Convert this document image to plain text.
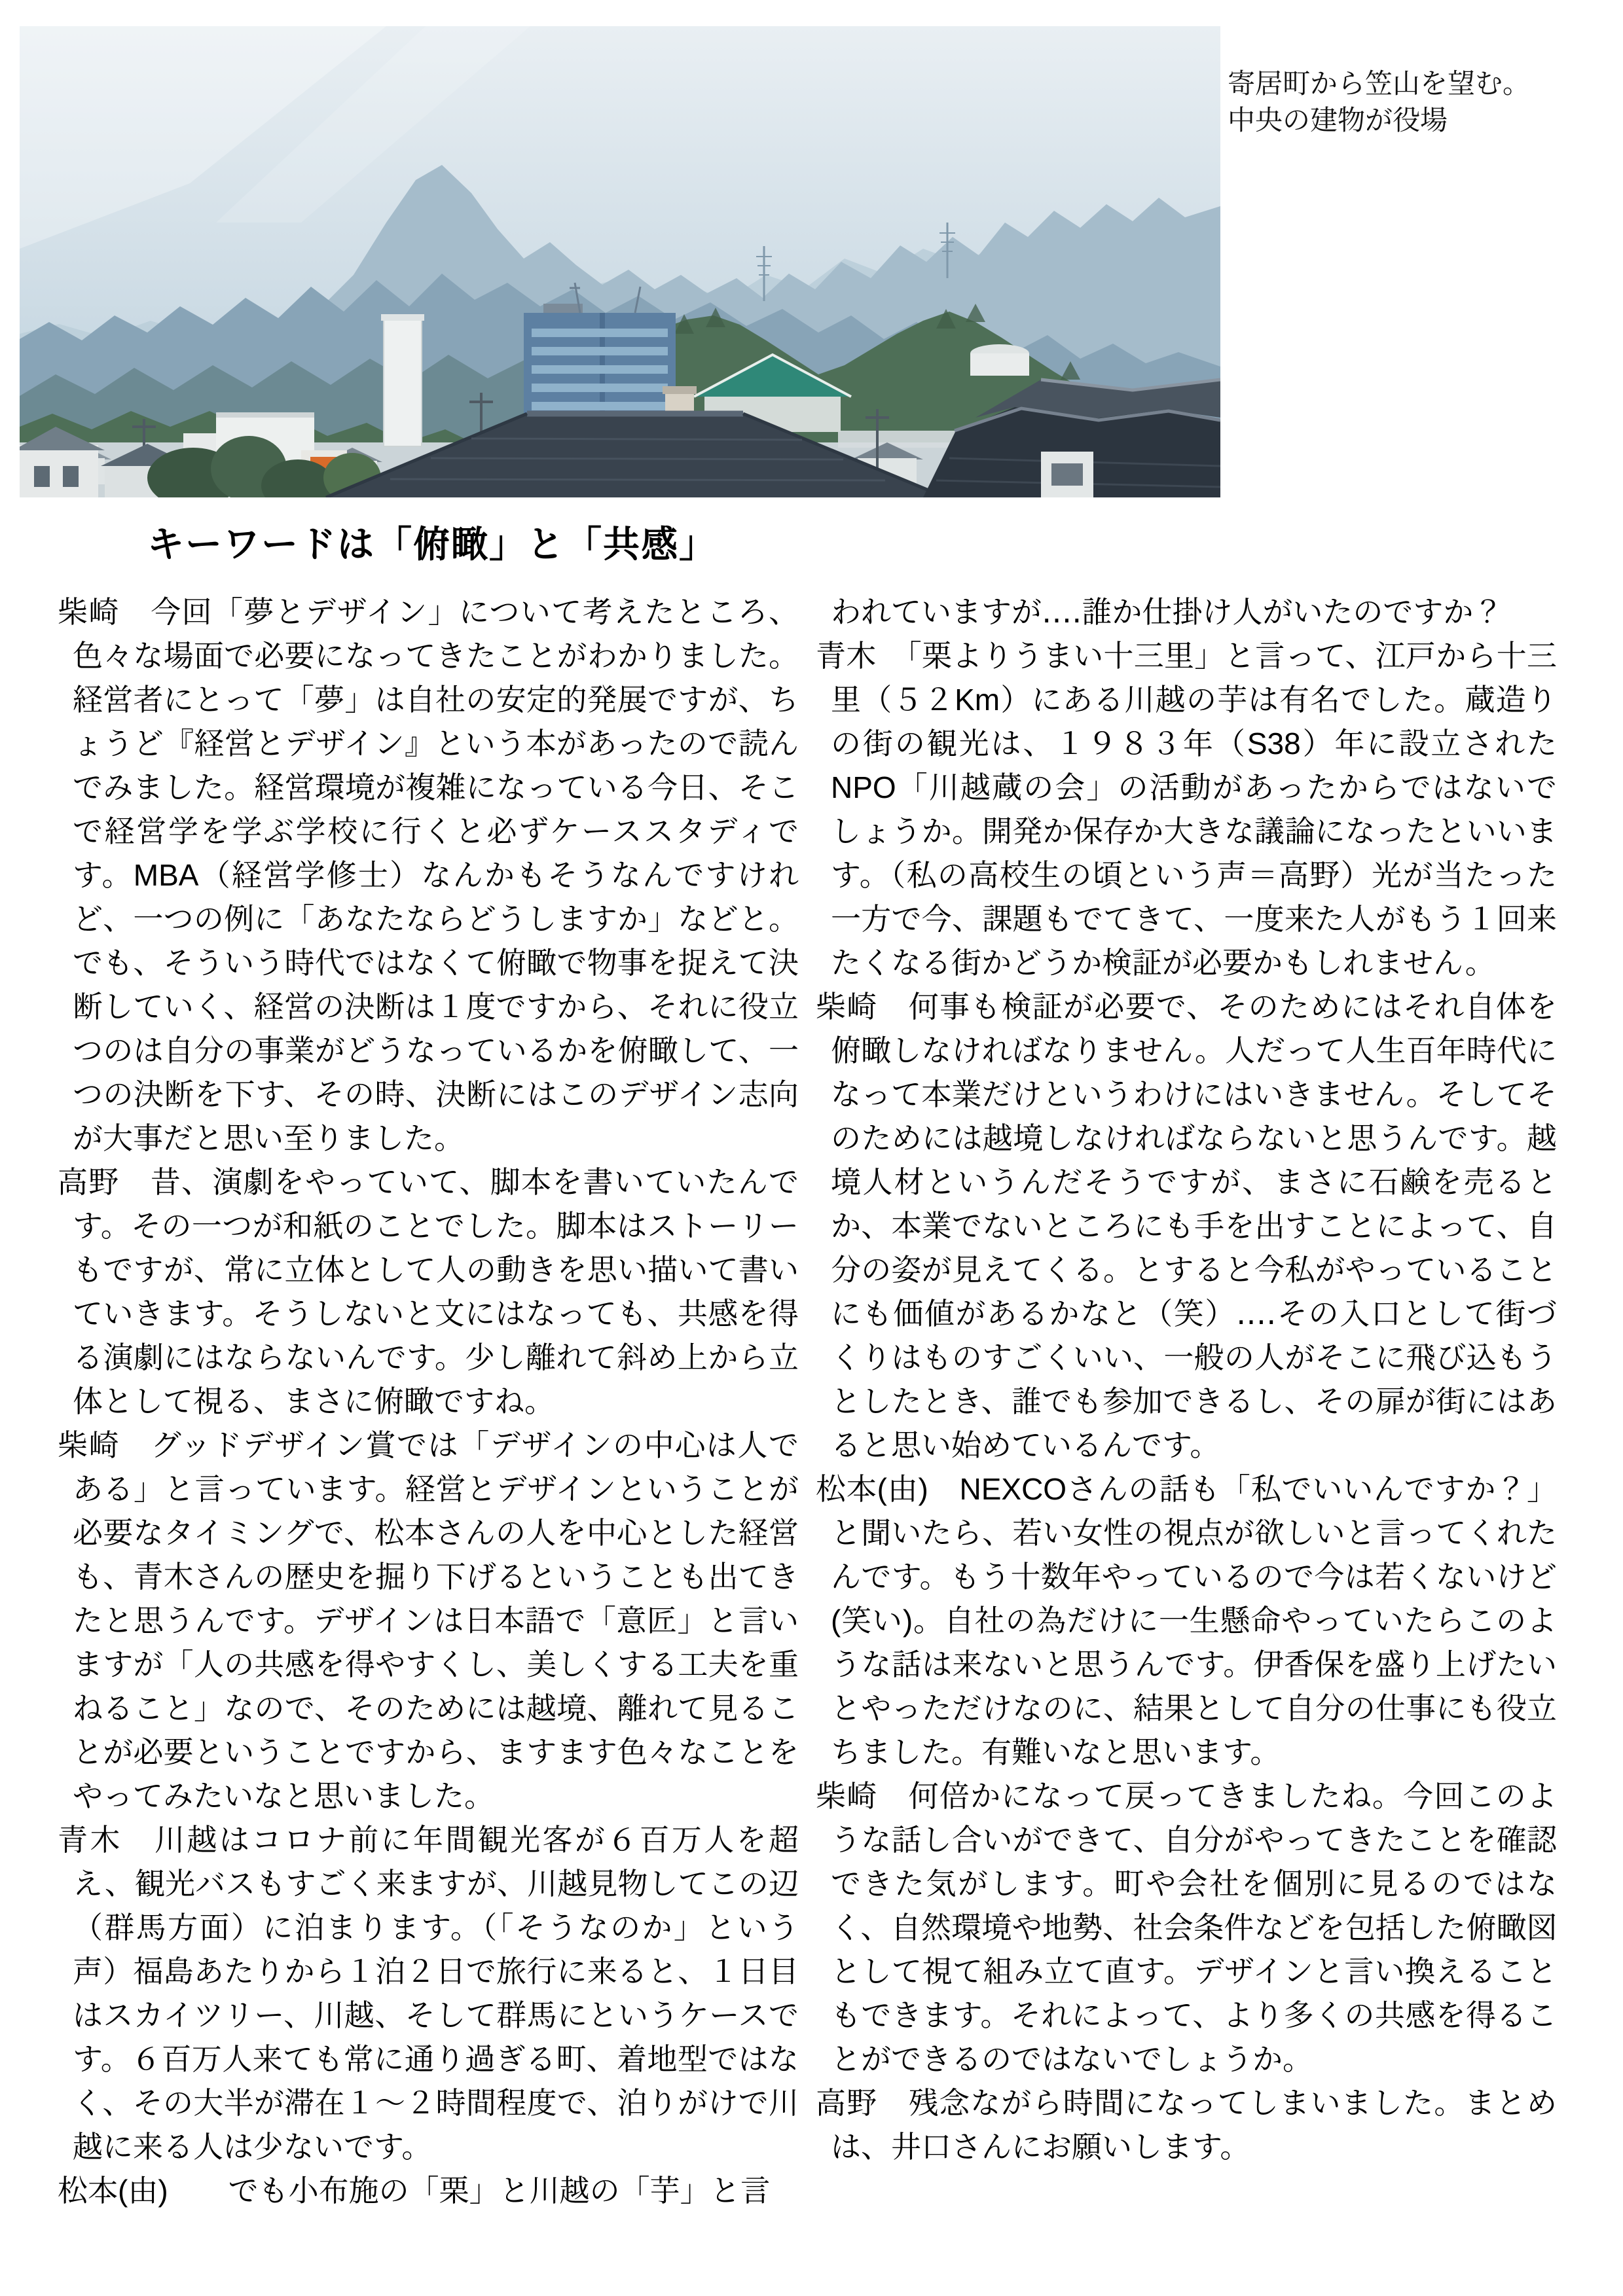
寄居町から笠山を望む。
中央の建物が役場
キーワードは「俯瞰」と「共感」

柴崎　今回「夢とデザイン」について考えたところ、色々な場面で必要になってきたことがわかりました。経営者にとって「夢」は自社の安定的発展ですが、ちょうど『経営とデザイン』という本があったので読んでみました。経営環境が複雑になっている今日、そこで経営学を学ぶ学校に行くと必ずケーススタディです。MBA（経営学修士）なんかもそうなんですけれど、一つの例に「あなたならどうしますか」などと。でも、そういう時代ではなくて俯瞰で物事を捉えて決断していく、経営の決断は１度ですから、それに役立つのは自分の事業がどうなっているかを俯瞰して、一つの決断を下す、その時、決断にはこのデザイン志向が大事だと思い至りました。

高野　昔、演劇をやっていて、脚本を書いていたんです。その一つが和紙のことでした。脚本はストーリーもですが、常に立体として人の動きを思い描いて書いていきます。そうしないと文にはなっても、共感を得る演劇にはならないんです。少し離れて斜め上から立体として視る、まさに俯瞰ですね。

柴崎　グッドデザイン賞では「デザインの中心は人である」と言っています。経営とデザインということが必要なタイミングで、松本さんの人を中心とした経営も、青木さんの歴史を掘り下げるということも出てきたと思うんです。デザインは日本語で「意匠」と言いますが「人の共感を得やすくし、美しくする工夫を重ねること」なので、そのためには越境、離れて見ることが必要ということですから、ますます色々なことをやってみたいなと思いました。

青木　川越はコロナ前に年間観光客が６百万人を超え、観光バスもすごく来ますが、川越見物してこの辺（群馬方面）に泊まります。（「そうなのか」という声）福島あたりから１泊２日で旅行に来ると、１日目はスカイツリー、川越、そして群馬にというケースです。６百万人来ても常に通り過ぎる町、着地型ではなく、その大半が滞在１～２時間程度で、泊りがけで川越に来る人は少ないです。

松本(由)　　でも小布施の「栗」と川越の「芋」と言

われていますが‥‥誰か仕掛け人がいたのですか？

青木　「栗よりうまい十三里」と言って、江戸から十三里（５２Km）にある川越の芋は有名でした。蔵造りの街の観光は、１９８３年（S38）年に設立されたNPO「川越蔵の会」の活動があったからではないでしょうか。開発か保存か大きな議論になったといいます。（私の高校生の頃という声＝高野）光が当たった一方で今、課題もでてきて、一度来た人がもう１回来たくなる街かどうか検証が必要かもしれません。

柴崎　何事も検証が必要で、そのためにはそれ自体を俯瞰しなければなりません。人だって人生百年時代になって本業だけというわけにはいきません。そしてそのためには越境しなければならないと思うんです。越境人材というんだそうですが、まさに石鹸を売るとか、本業でないところにも手を出すことによって、自分の姿が見えてくる。とすると今私がやっていることにも価値があるかなと（笑）‥‥その入口として街づくりはものすごくいい、一般の人がそこに飛び込もうとしたとき、誰でも参加できるし、その扉が街にはあると思い始めているんです。

松本(由)　NEXCOさんの話も「私でいいんですか？」と聞いたら、若い女性の視点が欲しいと言ってくれたんです。もう十数年やっているので今は若くないけど(笑い)。自社の為だけに一生懸命やっていたらこのような話は来ないと思うんです。伊香保を盛り上げたいとやっただけなのに、結果として自分の仕事にも役立ちました。有難いなと思います。

柴崎　何倍かになって戻ってきましたね。今回このような話し合いができて、自分がやってきたことを確認できた気がします。町や会社を個別に見るのではなく、自然環境や地勢、社会条件などを包括した俯瞰図として視て組み立て直す。デザインと言い換えることもできます。それによって、より多くの共感を得ることができるのではないでしょうか。

高野　残念ながら時間になってしまいました。まとめは、井口さんにお願いします。
